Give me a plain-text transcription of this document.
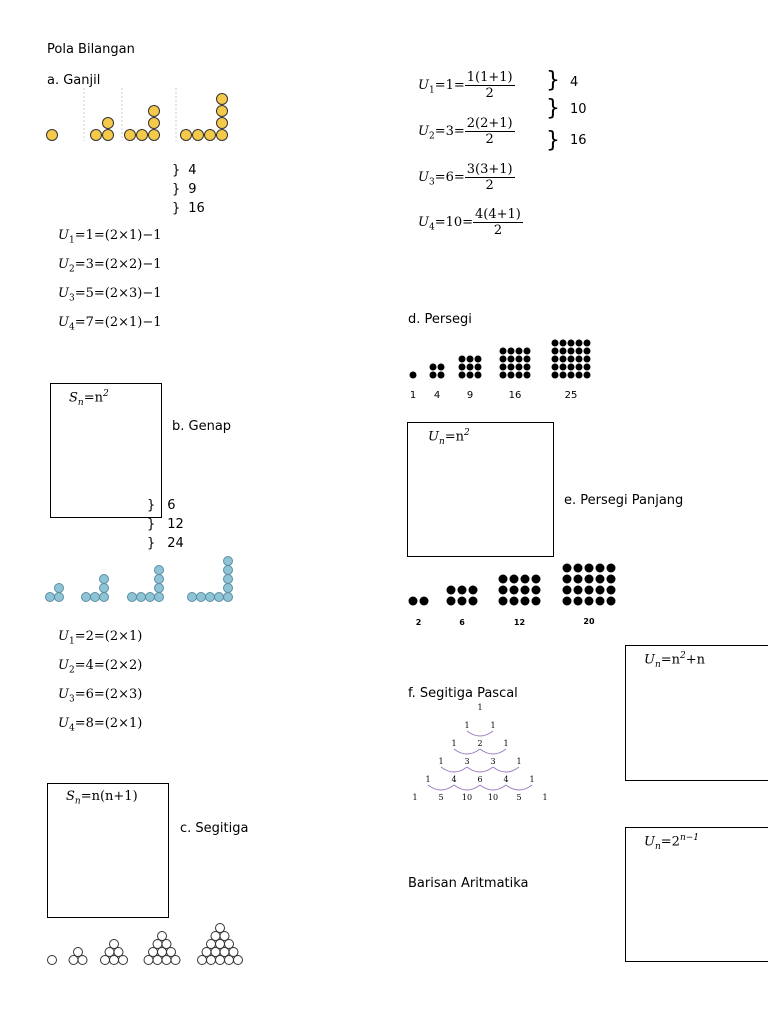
Pola Bilangan
a. Ganjil
} 4
} 9
} 16
$U_1=1=(2\times 1)-1$
$U_2=3=(2\times 2)-1$
$U_3=5=(2\times 3)-1$
$U_4=7=(2\times 1)-1$
$S_n=n^2$
b. Genap
} 6
} 12
} 24
$U_1=2=(2\times 1)$
$U_2=4=(2\times 2)$
$U_3=6=(2\times 3)$
$U_4=8=(2\times 1)$
$S_n=n(n+1)$
c. Segitiga
$U_1=1= \frac{1(1+1)}{2}$
$U_2=3= \frac{2(2+1)}{2}$
$U_3=6= \frac{3(3+1)}{2}$
$U_4=10= \frac{4(4+1)}{2}$
} 4
} 10
} 16
d. Persegi
1 4	9	16	25
$U_n=n^2$
e. Persegi Panjang
2	6	12	20
$U_n=n^2+n$
f. Segitiga Pascal
1
1	1
1	2	1
1	3	3	1
1	4	6	4	1
1	5 10 10 5	1
$U_n=2^{n-1}$
Barisan Aritmatika
